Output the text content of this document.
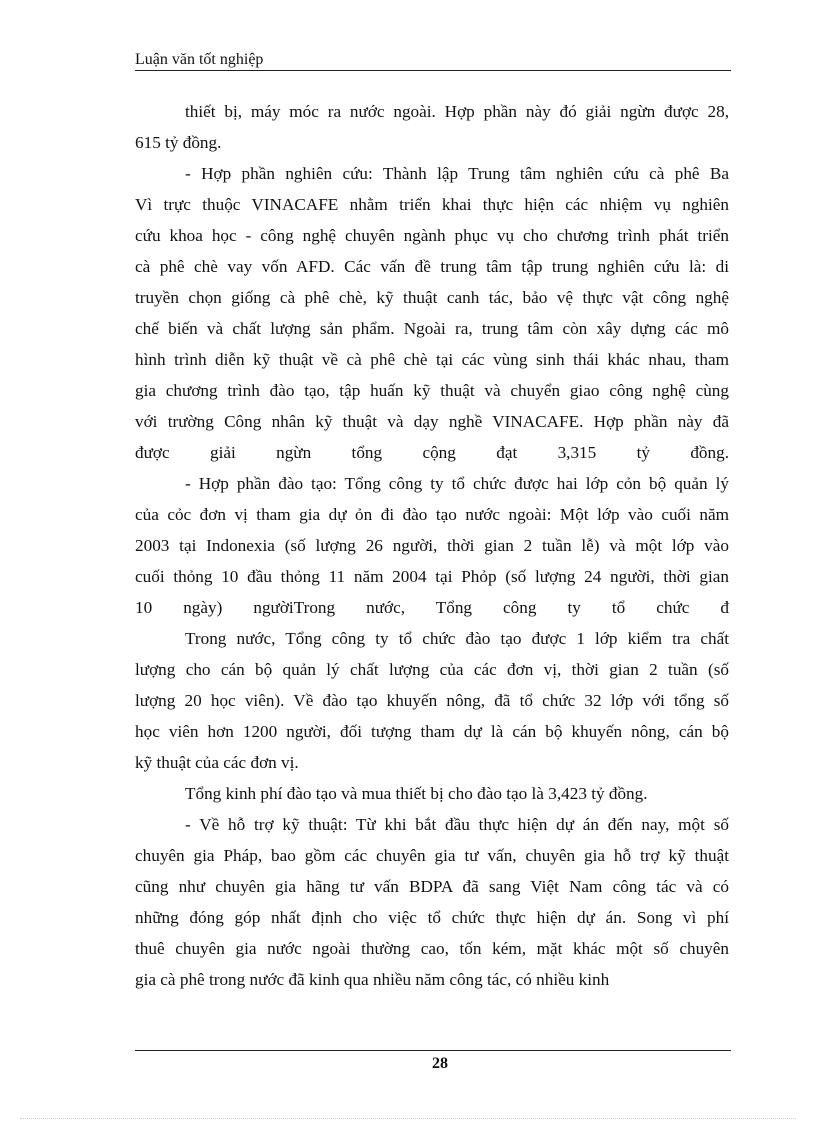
Luận văn tốt nghiệp
thiết bị, máy móc ra nước ngoài. Hợp phần này đó giải ngừn được 28,
615 tỷ đồng.
- Hợp phần nghiên cứu: Thành lập Trung tâm nghiên cứu cà phê Ba
Vì trực thuộc VINACAFE nhằm triển khai thực hiện các nhiệm vụ nghiên
cứu khoa học - công nghệ chuyên ngành phục vụ cho chương trình phát triển
cà phê chè vay vốn AFD. Các vấn đề trung tâm tập trung nghiên cứu là: di
truyền chọn giống cà phê chè, kỹ thuật canh tác, bảo vệ thực vật công nghệ
chế biến và chất lượng sản phẩm. Ngoài ra, trung tâm còn xây dựng các mô
hình trình diễn kỹ thuật về cà phê chè tại các vùng sinh thái khác nhau, tham
gia chương trình đào tạo, tập huấn kỹ thuật và chuyển giao công nghệ cùng
với trường Công nhân kỹ thuật và dạy nghề VINACAFE. Hợp phần này đã
được giải ngừn tổng cộng đạt 3,315 tỷ đồng.
- Hợp phần đào tạo: Tổng công ty tổ chức được hai lớp cỏn bộ quản lý
của cỏc đơn vị tham gia dự ỏn đi đào tạo nước ngoài: Một lớp vào cuối năm
2003 tại Indonexia (số lượng 26 người, thời gian 2 tuần lễ) và một lớp vào
cuối thỏng 10 đầu thỏng 11 năm 2004 tại Phỏp (số lượng 24 người, thời gian
10 ngày) ngườiTrong nước, Tổng công ty tổ chức đ
Trong nước, Tổng công ty tổ chức đào tạo được 1 lớp kiểm tra chất
lượng cho cán bộ quản lý chất lượng của các đơn vị, thời gian 2 tuần (số
lượng 20 học viên). Về đào tạo khuyến nông, đã tổ chức 32 lớp với tổng số
học viên hơn 1200 người, đối tượng tham dự là cán bộ khuyến nông, cán bộ
kỹ thuật của các đơn vị.
Tổng kinh phí đào tạo và mua thiết bị cho đào tạo là 3,423 tỷ đồng.
- Về hỗ trợ kỹ thuật: Từ khi bắt đầu thực hiện dự án đến nay, một số
chuyên gia Pháp, bao gồm các chuyên gia tư vấn, chuyên gia hỗ trợ kỹ thuật
cũng như chuyên gia hãng tư vấn BDPA đã sang Việt Nam công tác và có
những đóng góp nhất định cho việc tổ chức thực hiện dự án. Song vì phí
thuê chuyên gia nước ngoài thường cao, tốn kém, mặt khác một số chuyên
gia cà phê trong nước đã kinh qua nhiều năm công tác, có nhiều kinh
28
